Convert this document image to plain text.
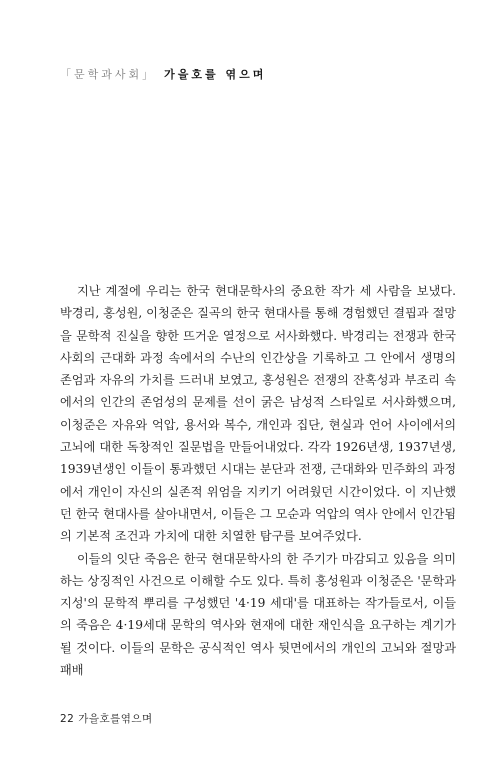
「문학과사회」 가을호를 엮으며

지난 계절에 우리는 한국 현대문학사의 중요한 작가 세 사람을 보냈다. 박경리, 홍성원, 이청준은 질곡의 한국 현대사를 통해 경험했던 결핍과 절망을 문학적 진실을 향한 뜨거운 열정으로 서사화했다. 박경리는 전쟁과 한국사회의 근대화 과정 속에서의 수난의 인간상을 기록하고 그 안에서 생명의 존엄과 자유의 가치를 드러내 보였고, 홍성원은 전쟁의 잔혹성과 부조리 속에서의 인간의 존엄성의 문제를 선이 굵은 남성적 스타일로 서사화했으며, 이청준은 자유와 억압, 용서와 복수, 개인과 집단, 현실과 언어 사이에서의 고뇌에 대한 독창적인 질문법을 만들어내었다. 각각 1926년생, 1937년생, 1939년생인 이들이 통과했던 시대는 분단과 전쟁, 근대화와 민주화의 과정에서 개인이 자신의 실존적 위엄을 지키기 어려웠던 시간이었다. 이 지난했던 한국 현대사를 살아내면서, 이들은 그 모순과 억압의 역사 안에서 인간됨의 기본적 조건과 가치에 대한 치열한 탐구를 보여주었다.

이들의 잇단 죽음은 한국 현대문학사의 한 주기가 마감되고 있음을 의미하는 상징적인 사건으로 이해할 수도 있다. 특히 홍성원과 이청준은 '문학과지성'의 문학적 뿌리를 구성했던 '4·19 세대'를 대표하는 작가들로서, 이들의 죽음은 4·19세대 문학의 역사와 현재에 대한 재인식을 요구하는 계기가 될 것이다. 이들의 문학은 공식적인 역사 뒷면에서의 개인의 고뇌와 절망과 패배

22 가을호를엮으며
